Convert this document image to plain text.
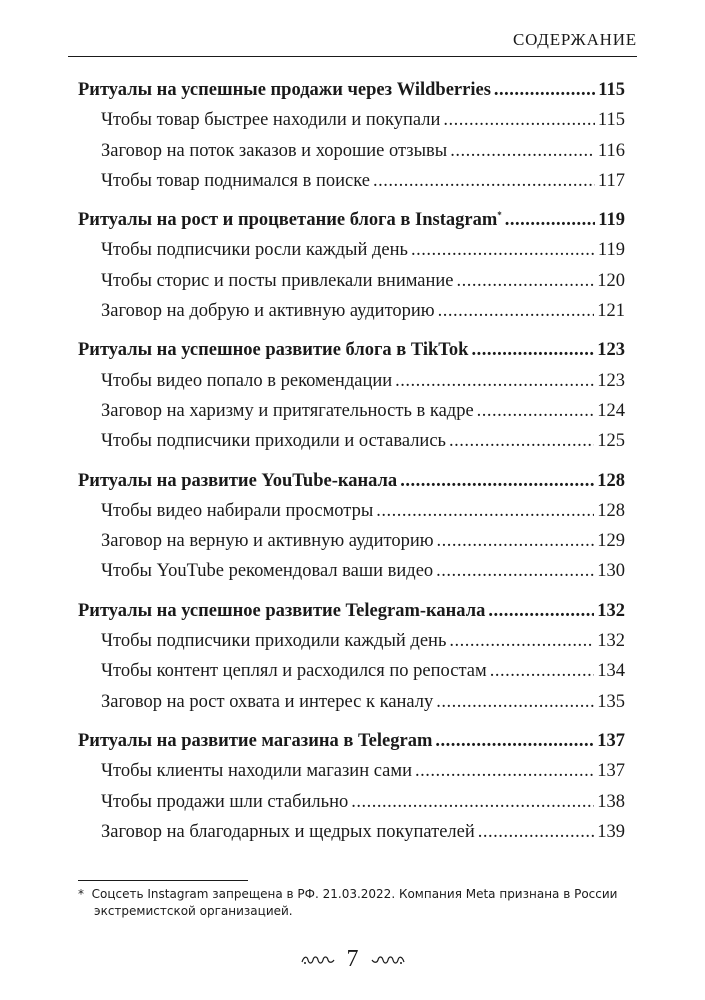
СОДЕРЖАНИЕ
Ритуалы на успешные продажи через Wildberries .....	115
Чтобы товар быстрее находили и покупали .....	115
Заговор на поток заказов и хорошие отзывы .....	116
Чтобы товар поднимался в поиске .....	117
Ритуалы на рост и процветание блога в Instagram* .....	119
Чтобы подписчики росли каждый день .....	119
Чтобы сторис и посты привлекали внимание .....	120
Заговор на добрую и активную аудиторию .....	121
Ритуалы на успешное развитие блога в TikTok .....	123
Чтобы видео попало в рекомендации .....	123
Заговор на харизму и притягательность в кадре .....	124
Чтобы подписчики приходили и оставались .....	125
Ритуалы на развитие YouTube-канала .....	128
Чтобы видео набирали просмотры .....	128
Заговор на верную и активную аудиторию .....	129
Чтобы YouTube рекомендовал ваши видео .....	130
Ритуалы на успешное развитие Telegram-канала .....	132
Чтобы подписчики приходили каждый день .....	132
Чтобы контент цеплял и расходился по репостам .....	134
Заговор на рост охвата и интерес к каналу .....	135
Ритуалы на развитие магазина в Telegram .....	137
Чтобы клиенты находили магазин сами .....	137
Чтобы продажи шли стабильно .....	138
Заговор на благодарных и щедрых покупателей .....	139
* Соцсеть Instagram запрещена в РФ. 21.03.2022. Компания Meta признана в России экстремистской организацией.
7
